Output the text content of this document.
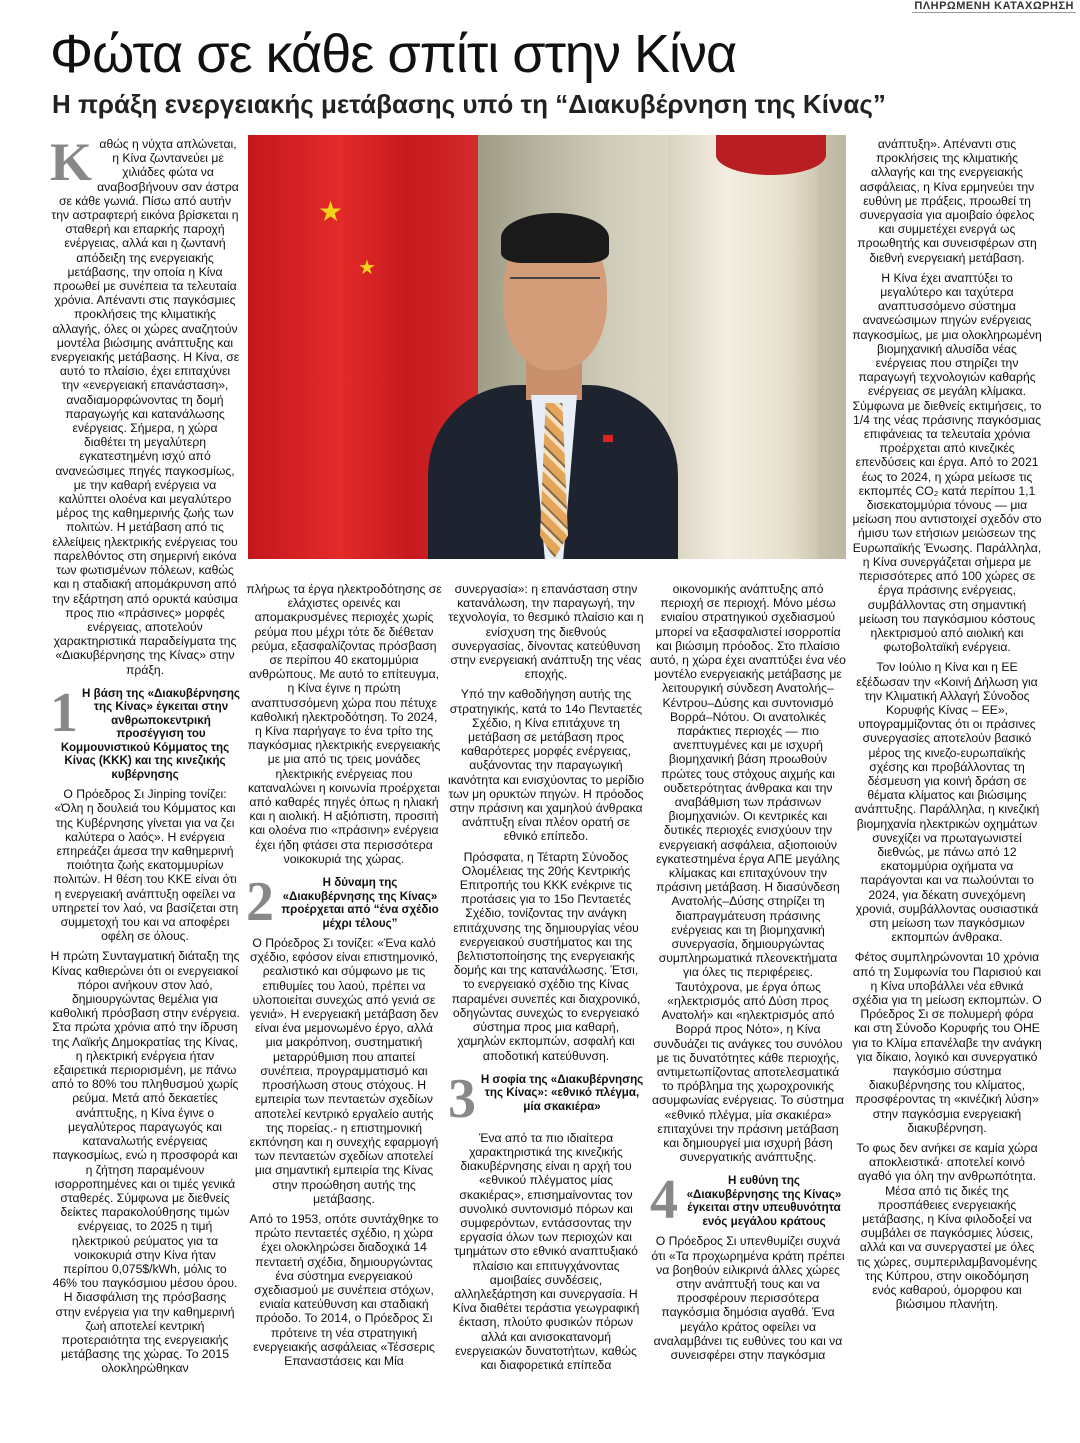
ΠΛΗΡΩΜΕΝΗ ΚΑΤΑΧΩΡΗΣΗ
Φώτα σε κάθε σπίτι στην Κίνα
Η πράξη ενεργειακής μετάβασης υπό τη “Διακυβέρνηση της Κίνας”
★
★

Καθώς η νύχτα απλώνεται, η Κίνα ζωντανεύει με χιλιάδες φώτα να αναβοσβήνουν σαν άστρα σε κάθε γωνιά. Πίσω από αυτήν την αστραφτερή εικόνα βρίσκεται η σταθερή και επαρκής παροχή ενέργειας, αλλά και η ζωντανή απόδειξη της ενεργειακής μετάβασης, την οποία η Κίνα προωθεί με συνέπεια τα τελευταία χρόνια. Απέναντι στις παγκόσμιες προκλήσεις της κλιματικής αλλαγής, όλες οι χώρες αναζητούν μοντέλα βιώσιμης ανάπτυξης και ενεργειακής μετάβασης. Η Κίνα, σε αυτό το πλαίσιο, έχει επιταχύνει την «ενεργειακή επανάσταση», αναδιαμορφώνοντας τη δομή παραγωγής και κατανάλωσης ενέργειας. Σήμερα, η χώρα διαθέτει τη μεγαλύτερη εγκατεστημένη ισχύ από ανανεώσιμες πηγές παγκοσμίως, με την καθαρή ενέργεια να καλύπτει ολοένα και μεγαλύτερο μέρος της καθημερινής ζωής των πολιτών. Η μετάβαση από τις ελλείψεις ηλεκτρικής ενέργειας του παρελθόντος στη σημερινή εικόνα των φωτισμένων πόλεων, καθώς και η σταδιακή απομάκρυνση από την εξάρτηση από ορυκτά καύσιμα προς πιο «πράσινες» μορφές ενέργειας, αποτελούν χαρακτηριστικά παραδείγματα της «Διακυβέρνησης της Κίνας» στην πράξη.

1 Η βάση της «Διακυβέρνησης της Κίνας» έγκειται στην ανθρωποκεντρική προσέγγιση του Κομμουνιστικού Κόμματος της Κίνας (ΚΚΚ) και της κινεζικής κυβέρνησης

Ο Πρόεδρος Σι Jinping τονίζει: «Όλη η δουλειά του Κόμματος και της Κυβέρνησης γίνεται για να ζει καλύτερα ο λαός». Η ενέργεια επηρεάζει άμεσα την καθημερινή ποιότητα ζωής εκατομμυρίων πολιτών. Η θέση του ΚΚΕ είναι ότι η ενεργειακή ανάπτυξη οφείλει να υπηρετεί τον λαό, να βασίζεται στη συμμετοχή του και να αποφέρει οφέλη σε όλους.

Η πρώτη Συνταγματική διάταξη της Κίνας καθιερώνει ότι οι ενεργειακοί πόροι ανήκουν στον λαό, δημιουργώντας θεμέλια για καθολική πρόσβαση στην ενέργεια. Στα πρώτα χρόνια από την ίδρυση της Λαϊκής Δημοκρατίας της Κίνας, η ηλεκτρική ενέργεια ήταν εξαιρετικά περιορισμένη, με πάνω από το 80% του πληθυσμού χωρίς ρεύμα. Μετά από δεκαετίες ανάπτυξης, η Κίνα έγινε ο μεγαλύτερος παραγωγός και καταναλωτής ενέργειας παγκοσμίως, ενώ η προσφορά και η ζήτηση παραμένουν ισορροπημένες και οι τιμές γενικά σταθερές. Σύμφωνα με διεθνείς δείκτες παρακολούθησης τιμών ενέργειας, το 2025 η τιμή ηλεκτρικού ρεύματος για τα νοικοκυριά στην Κίνα ήταν περίπου 0,075$/kWh, μόλις το 46% του παγκόσμιου μέσου όρου. Η διασφάλιση της πρόσβασης στην ενέργεια για την καθημερινή ζωή αποτελεί κεντρική προτεραιότητα της ενεργειακής μετάβασης της χώρας. Το 2015 ολοκληρώθηκαν

πλήρως τα έργα ηλεκτροδότησης σε ελάχιστες ορεινές και απομακρυσμένες περιοχές χωρίς ρεύμα που μέχρι τότε δε διέθεταν ρεύμα, εξασφαλίζοντας πρόσβαση σε περίπου 40 εκατομμύρια ανθρώπους. Με αυτό το επίτευγμα, η Κίνα έγινε η πρώτη αναπτυσσόμενη χώρα που πέτυχε καθολική ηλεκτροδότηση. Το 2024, η Κίνα παρήγαγε το ένα τρίτο της παγκόσμιας ηλεκτρικής ενεργειακής με μια από τις τρεις μονάδες ηλεκτρικής ενέργειας που καταναλώνει η κοινωνία προέρχεται από καθαρές πηγές όπως η ηλιακή και η αιολική. Η αξιόπιστη, προσιτή και ολοένα πιο «πράσινη» ενέργεια έχει ήδη φτάσει στα περισσότερα νοικοκυριά της χώρας.

2	Η δύναμη της «Διακυβέρνησης της Κίνας» προέρχεται από “ένα σχέδιο μέχρι τέλους”

Ο Πρόεδρος Σι τονίζει: «Ένα καλό σχέδιο, εφόσον είναι επιστημονικό, ρεαλιστικό και σύμφωνο με τις επιθυμίες του λαού, πρέπει να υλοποιείται συνεχώς από γενιά σε γενιά». Η ενεργειακή μετάβαση δεν είναι ένα μεμονωμένο έργο, αλλά μια μακρόπνοη, συστηματική μεταρρύθμιση που απαιτεί συνέπεια, προγραμματισμό και προσήλωση στους στόχους. Η εμπειρία των πενταετών σχεδίων αποτελεί κεντρικό εργαλείο αυτής της πορείας.- η επιστημονική εκπόνηση και η συνεχής εφαρμογή των πενταετών σχεδίων αποτελεί μια σημαντική εμπειρία της Κίνας στην προώθηση αυτής της μετάβασης.

Από το 1953, οπότε συντάχθηκε το πρώτο πενταετές σχέδιο, η χώρα έχει ολοκληρώσει διαδοχικά 14 πενταετή σχέδια, δημιουργώντας ένα σύστημα ενεργειακού σχεδιασμού με συνέπεια στόχων, ενιαία κατεύθυνση και σταδιακή πρόοδο. Το 2014, ο Πρόεδρος Σι πρότεινε τη νέα στρατηγική ενεργειακής ασφάλειας «Τέσσερις Επαναστάσεις και Μία

συνεργασία»: η επανάσταση στην κατανάλωση, την παραγωγή, την τεχνολογία, το θεσμικό πλαίσιο και η ενίσχυση της διεθνούς συνεργασίας, δίνοντας κατεύθυνση στην ενεργειακή ανάπτυξη της νέας εποχής.

Υπό την καθοδήγηση αυτής της στρατηγικής, κατά το 14ο Πενταετές Σχέδιο, η Κίνα επιτάχυνε τη μετάβαση σε μετάβαση προς καθαρότερες μορφές ενέργειας, αυξάνοντας την παραγωγική ικανότητα και ενισχύοντας το μερίδιο των μη ορυκτών πηγών. Η πρόοδος στην πράσινη και χαμηλού άνθρακα ανάπτυξη είναι πλέον ορατή σε εθνικό επίπεδο.

Πρόσφατα, η Τέταρτη Σύνοδος Ολομέλειας της 20ής Κεντρικής Επιτροπής του ΚΚΚ ενέκρινε τις προτάσεις για το 15ο Πενταετές Σχέδιο, τονίζοντας την ανάγκη επιτάχυνσης της δημιουργίας νέου ενεργειακού συστήματος και της βελτιστοποίησης της ενεργειακής δομής και της κατανάλωσης. Έτσι, το ενεργειακό σχέδιο της Κίνας παραμένει συνεπές και διαχρονικό, οδηγώντας συνεχώς το ενεργειακό σύστημα προς μια καθαρή, χαμηλών εκπομπών, ασφαλή και αποδοτική κατεύθυνση.

3 Η σοφία της «Διακυβέρνησης της Κίνας»: «εθνικό πλέγμα, μία σκακιέρα»

Ένα από τα πιο ιδιαίτερα χαρακτηριστικά της κινεζικής διακυβέρνησης είναι η αρχή του «εθνικού πλέγματος μίας σκακιέρας», επισημαίνοντας τον συνολικό συντονισμό πόρων και συμφερόντων, εντάσσοντας την εργασία όλων των περιοχών και τμημάτων στο εθνικό αναπτυξιακό πλαίσιο και επιτυγχάνοντας αμοιβαίες συνδέσεις, αλληλεξάρτηση και συνεργασία. Η Κίνα διαθέτει τεράστια γεωγραφική έκταση, πλούτο φυσικών πόρων αλλά και ανισοκατανομή ενεργειακών δυνατοτήτων, καθώς και διαφορετικά επίπεδα

οικονομικής ανάπτυξης από περιοχή σε περιοχή. Μόνο μέσω ενιαίου στρατηγικού σχεδιασμού μπορεί να εξασφαλιστεί ισορροπία και βιώσιμη πρόοδος. Στο πλαίσιο αυτό, η χώρα έχει αναπτύξει ένα νέο μοντέλο ενεργειακής μετάβασης με λειτουργική σύνδεση Ανατολής–Κέντρου–Δύσης και συντονισμό Βορρά–Νότου. Οι ανατολικές παράκτιες περιοχές — πιο ανεπτυγμένες και με ισχυρή βιομηχανική βάση προωθούν πρώτες τους στόχους αιχμής και ουδετερότητας άνθρακα και την αναβάθμιση των πράσινων βιομηχανιών. Οι κεντρικές και δυτικές περιοχές ενισχύουν την ενεργειακή ασφάλεια, αξιοποιούν εγκατεστημένα έργα ΑΠΕ μεγάλης κλίμακας και επιταχύνουν την πράσινη μετάβαση. Η διασύνδεση Ανατολής–Δύσης στηρίζει τη διαπραγμάτευση πράσινης ενέργειας και τη βιομηχανική συνεργασία, δημιουργώντας συμπληρωματικά πλεονεκτήματα για όλες τις περιφέρειες. Ταυτόχρονα, με έργα όπως «ηλεκτρισμός από Δύση προς Ανατολή» και «ηλεκτρισμός από Βορρά προς Νότο», η Κίνα συνδυάζει τις ανάγκες του συνόλου με τις δυνατότητες κάθε περιοχής, αντιμετωπίζοντας αποτελεσματικά το πρόβλημα της χωροχρονικής ασυμφωνίας ενέργειας. Το σύστημα «εθνικό πλέγμα, μία σκακιέρα» επιταχύνει την πράσινη μετάβαση και δημιουργεί μια ισχυρή βάση συνεργατικής ανάπτυξης.

4	Η ευθύνη της «Διακυβέρνησης της Κίνας» έγκειται στην υπευθυνότητα ενός μεγάλου κράτους

Ο Πρόεδρος Σι υπενθυμίζει συχνά ότι «Τα προχωρημένα κράτη πρέπει να βοηθούν ειλικρινά άλλες χώρες στην ανάπτυξή τους και να προσφέρουν περισσότερα παγκόσμια δημόσια αγαθά. Ένα μεγάλο κράτος οφείλει να αναλαμβάνει τις ευθύνες του και να συνεισφέρει στην παγκόσμια

ανάπτυξη». Απέναντι στις προκλήσεις της κλιματικής αλλαγής και της ενεργειακής ασφάλειας, η Κίνα ερμηνεύει την ευθύνη με πράξεις, προωθεί τη συνεργασία για αμοιβαίο όφελος και συμμετέχει ενεργά ως προωθητής και συνεισφέρων στη διεθνή ενεργειακή μετάβαση.

Η Κίνα έχει αναπτύξει το μεγαλύτερο και ταχύτερα αναπτυσσόμενο σύστημα ανανεώσιμων πηγών ενέργειας παγκοσμίως, με μια ολοκληρωμένη βιομηχανική αλυσίδα νέας ενέργειας που στηρίζει την παραγωγή τεχνολογιών καθαρής ενέργειας σε μεγάλη κλίμακα. Σύμφωνα με διεθνείς εκτιμήσεις, το 1/4 της νέας πράσινης παγκόσμιας επιφάνειας τα τελευταία χρόνια προέρχεται από κινεζικές επενδύσεις και έργα. Από το 2021 έως το 2024, η χώρα μείωσε τις εκπομπές CO₂ κατά περίπου 1,1 δισεκατομμύρια τόνους — μια μείωση που αντιστοιχεί σχεδόν στο ήμισυ των ετήσιων μειώσεων της Ευρωπαϊκής Ένωσης. Παράλληλα, η Κίνα συνεργάζεται σήμερα με περισσότερες από 100 χώρες σε έργα πράσινης ενέργειας, συμβάλλοντας στη σημαντική μείωση του παγκόσμιου κόστους ηλεκτρισμού από αιολική και φωτοβολταϊκή ενέργεια.

Τον Ιούλιο η Κίνα και η ΕΕ εξέδωσαν την «Κοινή Δήλωση για την Κλιματική Αλλαγή Σύνοδος Κορυφής Κίνας – ΕΕ», υπογραμμίζοντας ότι οι πράσινες συνεργασίες αποτελούν βασικό μέρος της κινεζο-ευρωπαϊκής σχέσης και προβάλλοντας τη δέσμευση για κοινή δράση σε θέματα κλίματος και βιώσιμης ανάπτυξης. Παράλληλα, η κινεζική βιομηχανία ηλεκτρικών οχημάτων συνεχίζει να πρωταγωνιστεί διεθνώς, με πάνω από 12 εκατομμύρια οχήματα να παράγονται και να πωλούνται το 2024, για δέκατη συνεχόμενη χρονιά, συμβάλλοντας ουσιαστικά στη μείωση των παγκόσμιων εκπομπών άνθρακα.

Φέτος συμπληρώνονται 10 χρόνια από τη Συμφωνία του Παρισιού και η Κίνα υποβάλλει νέα εθνικά σχέδια για τη μείωση εκπομπών. Ο Πρόεδρος Σι σε πολυμερή φόρα και στη Σύνοδο Κορυφής του ΟΗΕ για το Κλίμα επανέλαβε την ανάγκη για δίκαιο, λογικό και συνεργατικό παγκόσμιο σύστημα διακυβέρνησης του κλίματος, προσφέροντας τη «κινέζική λύση» στην παγκόσμια ενεργειακή διακυβέρνηση.

Το φως δεν ανήκει σε καμία χώρα αποκλειστικά· αποτελεί κοινό αγαθό για όλη την ανθρωπότητα. Μέσα από τις δικές της προσπάθειες ενεργειακής μετάβασης, η Κίνα φιλοδοξεί να συμβάλει σε παγκόσμιες λύσεις, αλλά και να συνεργαστεί με όλες τις χώρες, συμπεριλαμβανομένης της Κύπρου, στην οικοδόμηση ενός καθαρού, όμορφου και βιώσιμου πλανήτη.
